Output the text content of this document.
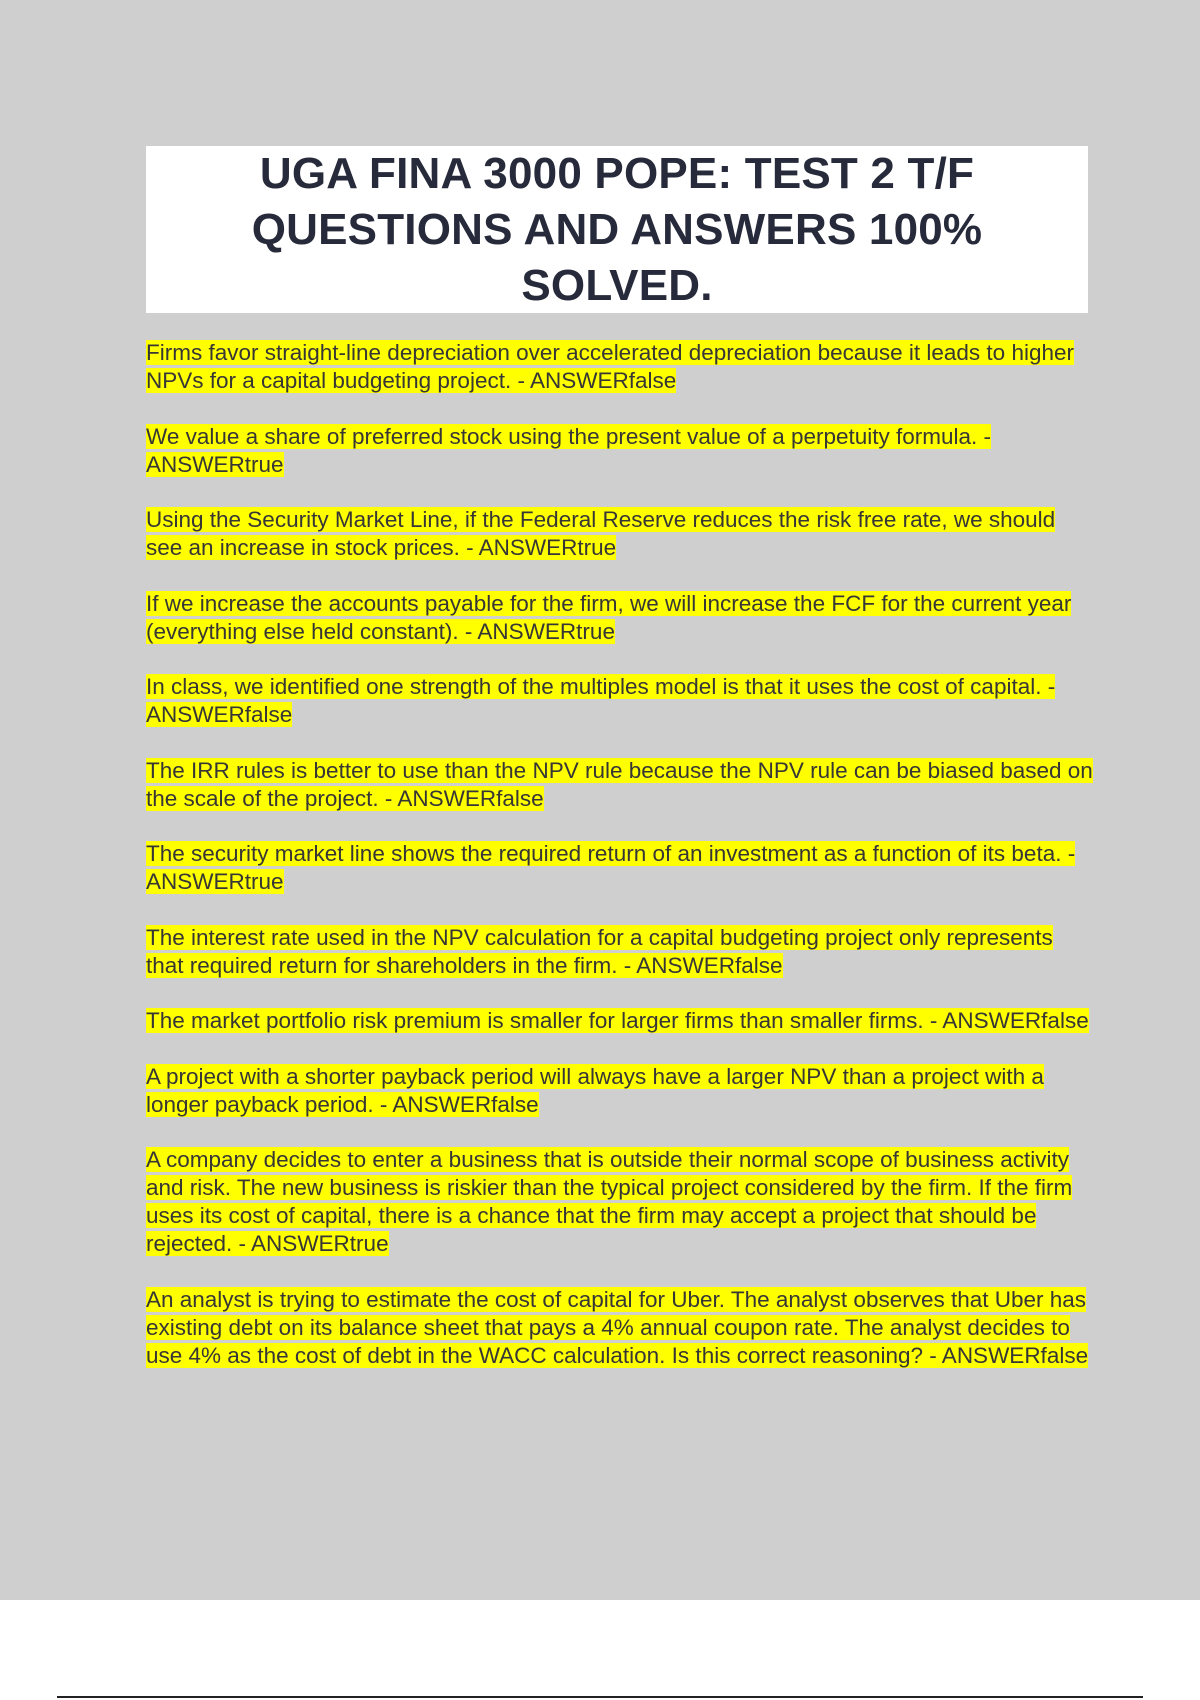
UGA FINA 3000 POPE: TEST 2 T/F
QUESTIONS AND ANSWERS 100%
SOLVED.

Firms favor straight-line depreciation over accelerated depreciation because it leads to higher NPVs for a capital budgeting project. - ANSWERfalse

We value a share of preferred stock using the present value of a perpetuity formula. - ANSWERtrue

Using the Security Market Line, if the Federal Reserve reduces the risk free rate, we should see an increase in stock prices. - ANSWERtrue

If we increase the accounts payable for the firm, we will increase the FCF for the current year (everything else held constant). - ANSWERtrue

In class, we identified one strength of the multiples model is that it uses the cost of capital. - ANSWERfalse

The IRR rules is better to use than the NPV rule because the NPV rule can be biased based on the scale of the project. - ANSWERfalse

The security market line shows the required return of an investment as a function of its beta. - ANSWERtrue

The interest rate used in the NPV calculation for a capital budgeting project only represents that required return for shareholders in the firm. - ANSWERfalse

The market portfolio risk premium is smaller for larger firms than smaller firms. - ANSWERfalse

A project with a shorter payback period will always have a larger NPV than a project with a longer payback period. - ANSWERfalse

A company decides to enter a business that is outside their normal scope of business activity and risk. The new business is riskier than the typical project considered by the firm. If the firm uses its cost of capital, there is a chance that the firm may accept a project that should be rejected. - ANSWERtrue

An analyst is trying to estimate the cost of capital for Uber. The analyst observes that Uber has existing debt on its balance sheet that pays a 4% annual coupon rate. The analyst decides to use 4% as the cost of debt in the WACC calculation. Is this correct reasoning? - ANSWERfalse
